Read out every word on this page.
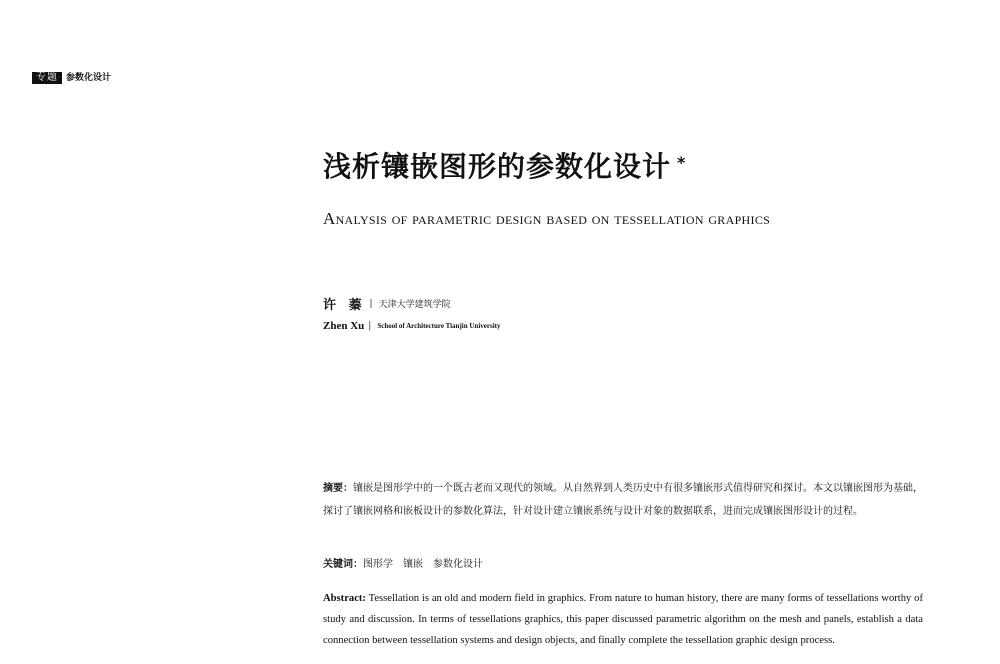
专题 参数化设计
浅析镶嵌图形的参数化设计 *
Analysis of parametric design based on tessellation graphics
许 蓁 | 天津大学建筑学院
Zhen Xu | School of Architecture Tianjin University
摘要：镶嵌是图形学中的一个既古老而又现代的领域。从自然界到人类历史中有很多镶嵌形式值得研究和探讨。本文以镶嵌图形为基础，探讨了镶嵌网格和嵌板设计的参数化算法，针对设计建立镶嵌系统与设计对象的数据联系，进而完成镶嵌图形设计的过程。
关键词：图形学　镶嵌　参数化设计
Abstract: Tessellation is an old and modern field in graphics. From nature to human history, there are many forms of tessellations worthy of study and discussion. In terms of tessellations graphics, this paper discussed parametric algorithm on the mesh and panels, establish a data connection between tessellation systems and design objects, and finally complete the tessellation graphic design process.
